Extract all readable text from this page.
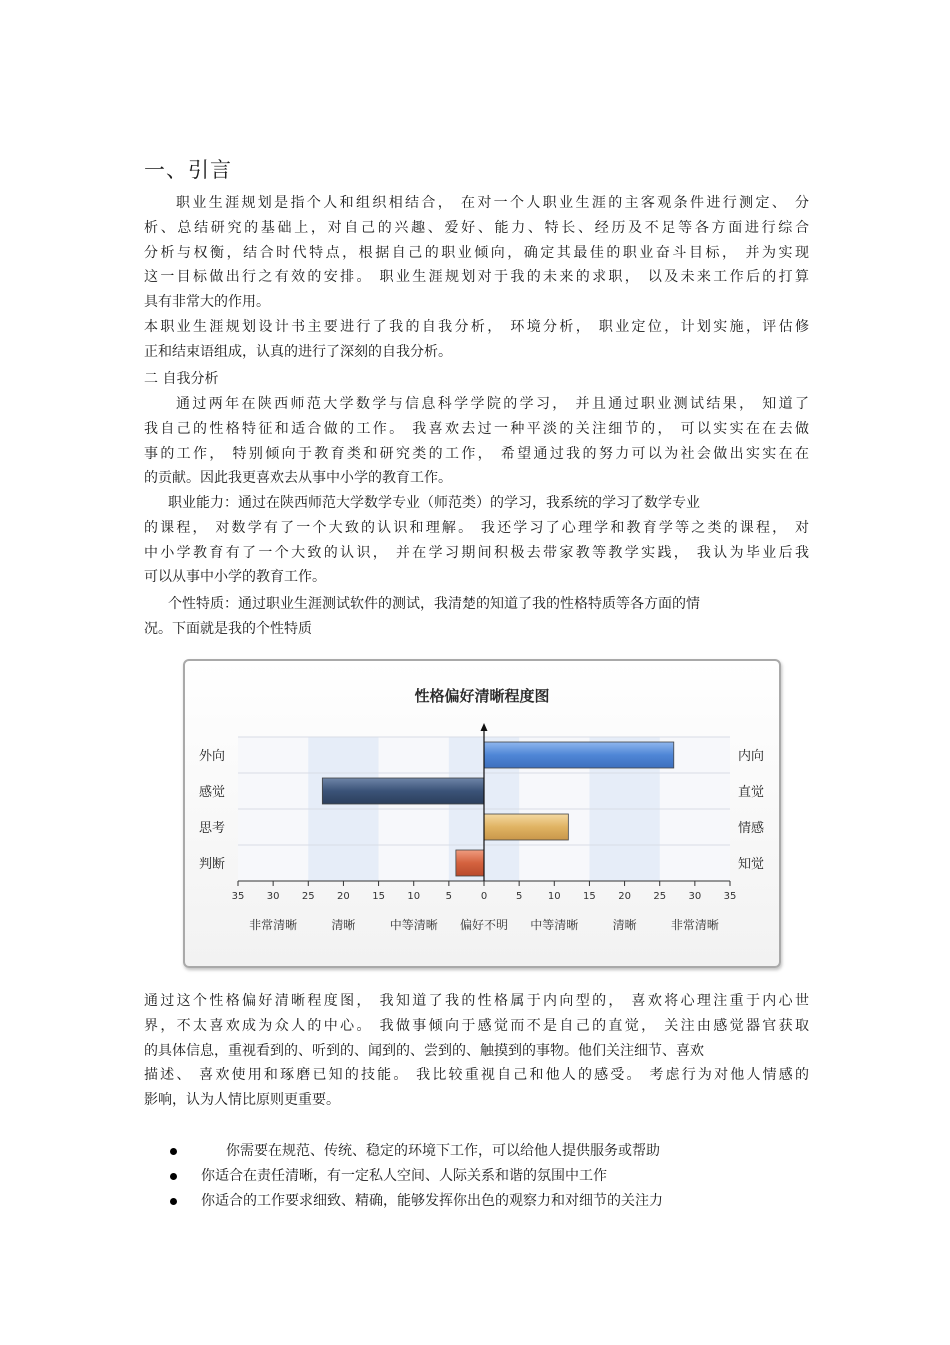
一、引言
职业生涯规划是指个人和组织相结合， 在对一个人职业生涯的主客观条件进行测定、 分
析、总结研究的基础上，对自己的兴趣、爱好、能力、特长、经历及不足等各方面进行综合
分析与权衡，结合时代特点，根据自己的职业倾向，确定其最佳的职业奋斗目标， 并为实现
这一目标做出行之有效的安排。 职业生涯规划对于我的未来的求职， 以及未来工作后的打算
具有非常大的作用。
本职业生涯规划设计书主要进行了我的自我分析， 环境分析， 职业定位，计划实施，评估修
正和结束语组成，认真的进行了深刻的自我分析。
二 自我分析
通过两年在陕西师范大学数学与信息科学学院的学习， 并且通过职业测试结果， 知道了
我自己的性格特征和适合做的工作。 我喜欢去过一种平淡的关注细节的， 可以实实在在去做
事的工作， 特别倾向于教育类和研究类的工作， 希望通过我的努力可以为社会做出实实在在
的贡献。因此我更喜欢去从事中小学的教育工作。
职业能力：通过在陕西师范大学数学专业（师范类）的学习，我系统的学习了数学专业
的课程， 对数学有了一个大致的认识和理解。 我还学习了心理学和教育学等之类的课程， 对
中小学教育有了一个大致的认识， 并在学习期间积极去带家教等教学实践， 我认为毕业后我
可以从事中小学的教育工作。
个性特质：通过职业生涯测试软件的测试，我清楚的知道了我的性格特质等各方面的情
况。下面就是我的个性特质
性格偏好清晰程度图
35 30 25 20 15 10	5	0	5	10 15 20 25 30 35
非常清晰	清晰	中等清晰 偏好不明 中等清晰	清晰	非常清晰
外向
感觉
思考
判断
内向
直觉
情感
知觉
通过这个性格偏好清晰程度图， 我知道了我的性格属于内向型的， 喜欢将心理注重于内心世
界，不太喜欢成为众人的中心。 我做事倾向于感觉而不是自己的直觉， 关注由感觉器官获取
的具体信息，重视看到的、听到的、闻到的、尝到的、触摸到的事物。他们关注细节、喜欢
描述、 喜欢使用和琢磨已知的技能。 我比较重视自己和他人的感受。 考虑行为对他人情感的
影响，认为人情比原则更重要。
你需要在规范、传统、稳定的环境下工作，可以给他人提供服务或帮助
你适合在责任清晰，有一定私人空间、人际关系和谐的氛围中工作
你适合的工作要求细致、精确，能够发挥你出色的观察力和对细节的关注力
